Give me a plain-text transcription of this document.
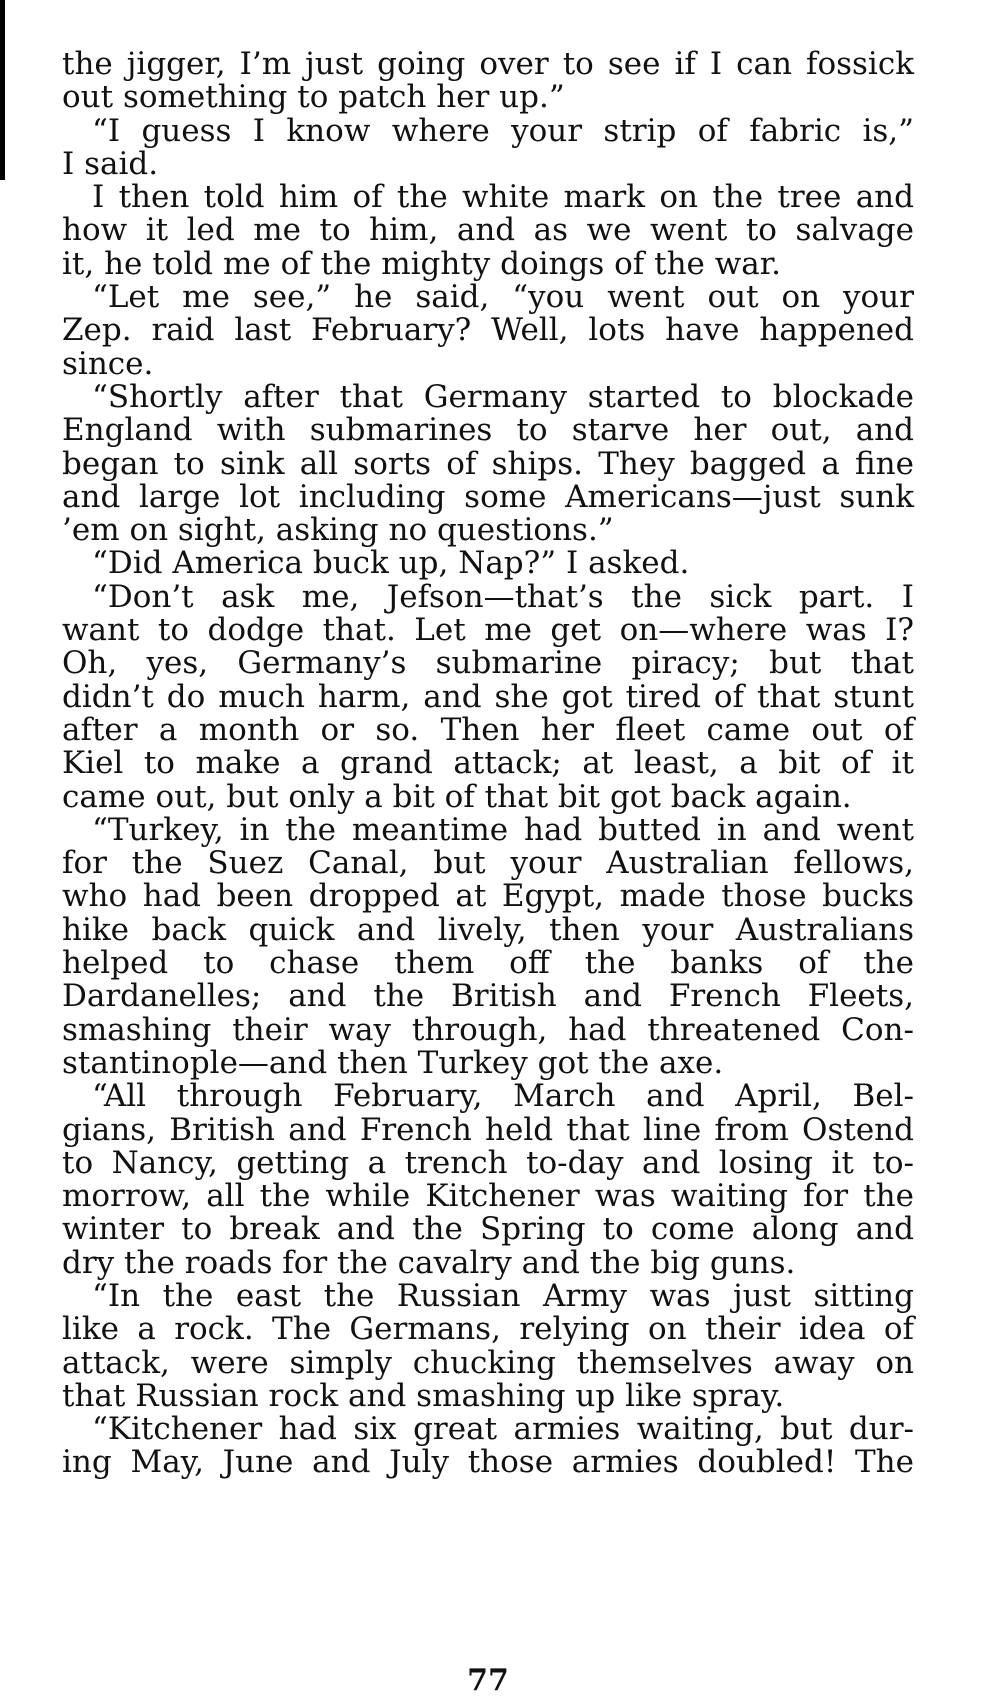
the jigger, I’m just going over to see if I can fossick
out something to patch her up.”
“I guess I know where your strip of fabric is,”
I said.
I then told him of the white mark on the tree and
how it led me to him, and as we went to salvage
it, he told me of the mighty doings of the war.
“Let me see,” he said, “you went out on your
Zep. raid last February? Well, lots have happened
since.
“Shortly after that Germany started to blockade
England with submarines to starve her out, and
began to sink all sorts of ships. They bagged a fine
and large lot including some Americans—just sunk
’em on sight, asking no questions.”
“Did America buck up, Nap?” I asked.
“Don’t ask me, Jefson—that’s the sick part. I
want to dodge that. Let me get on—where was I?
Oh, yes, Germany’s submarine piracy; but that
didn’t do much harm, and she got tired of that stunt
after a month or so. Then her fleet came out of
Kiel to make a grand attack; at least, a bit of it
came out, but only a bit of that bit got back again.
“Turkey, in the meantime had butted in and went
for the Suez Canal, but your Australian fellows,
who had been dropped at Egypt, made those bucks
hike back quick and lively, then your Australians
helped to chase them off the banks of the
Dardanelles; and the British and French Fleets,
smashing their way through, had threatened Con-
stantinople—and then Turkey got the axe.
“All through February, March and April, Bel-
gians, British and French held that line from Ostend
to Nancy, getting a trench to-day and losing it to-
morrow, all the while Kitchener was waiting for the
winter to break and the Spring to come along and
dry the roads for the cavalry and the big guns.
“In the east the Russian Army was just sitting
like a rock. The Germans, relying on their idea of
attack, were simply chucking themselves away on
that Russian rock and smashing up like spray.
“Kitchener had six great armies waiting, but dur-
ing May, June and July those armies doubled! The
77
